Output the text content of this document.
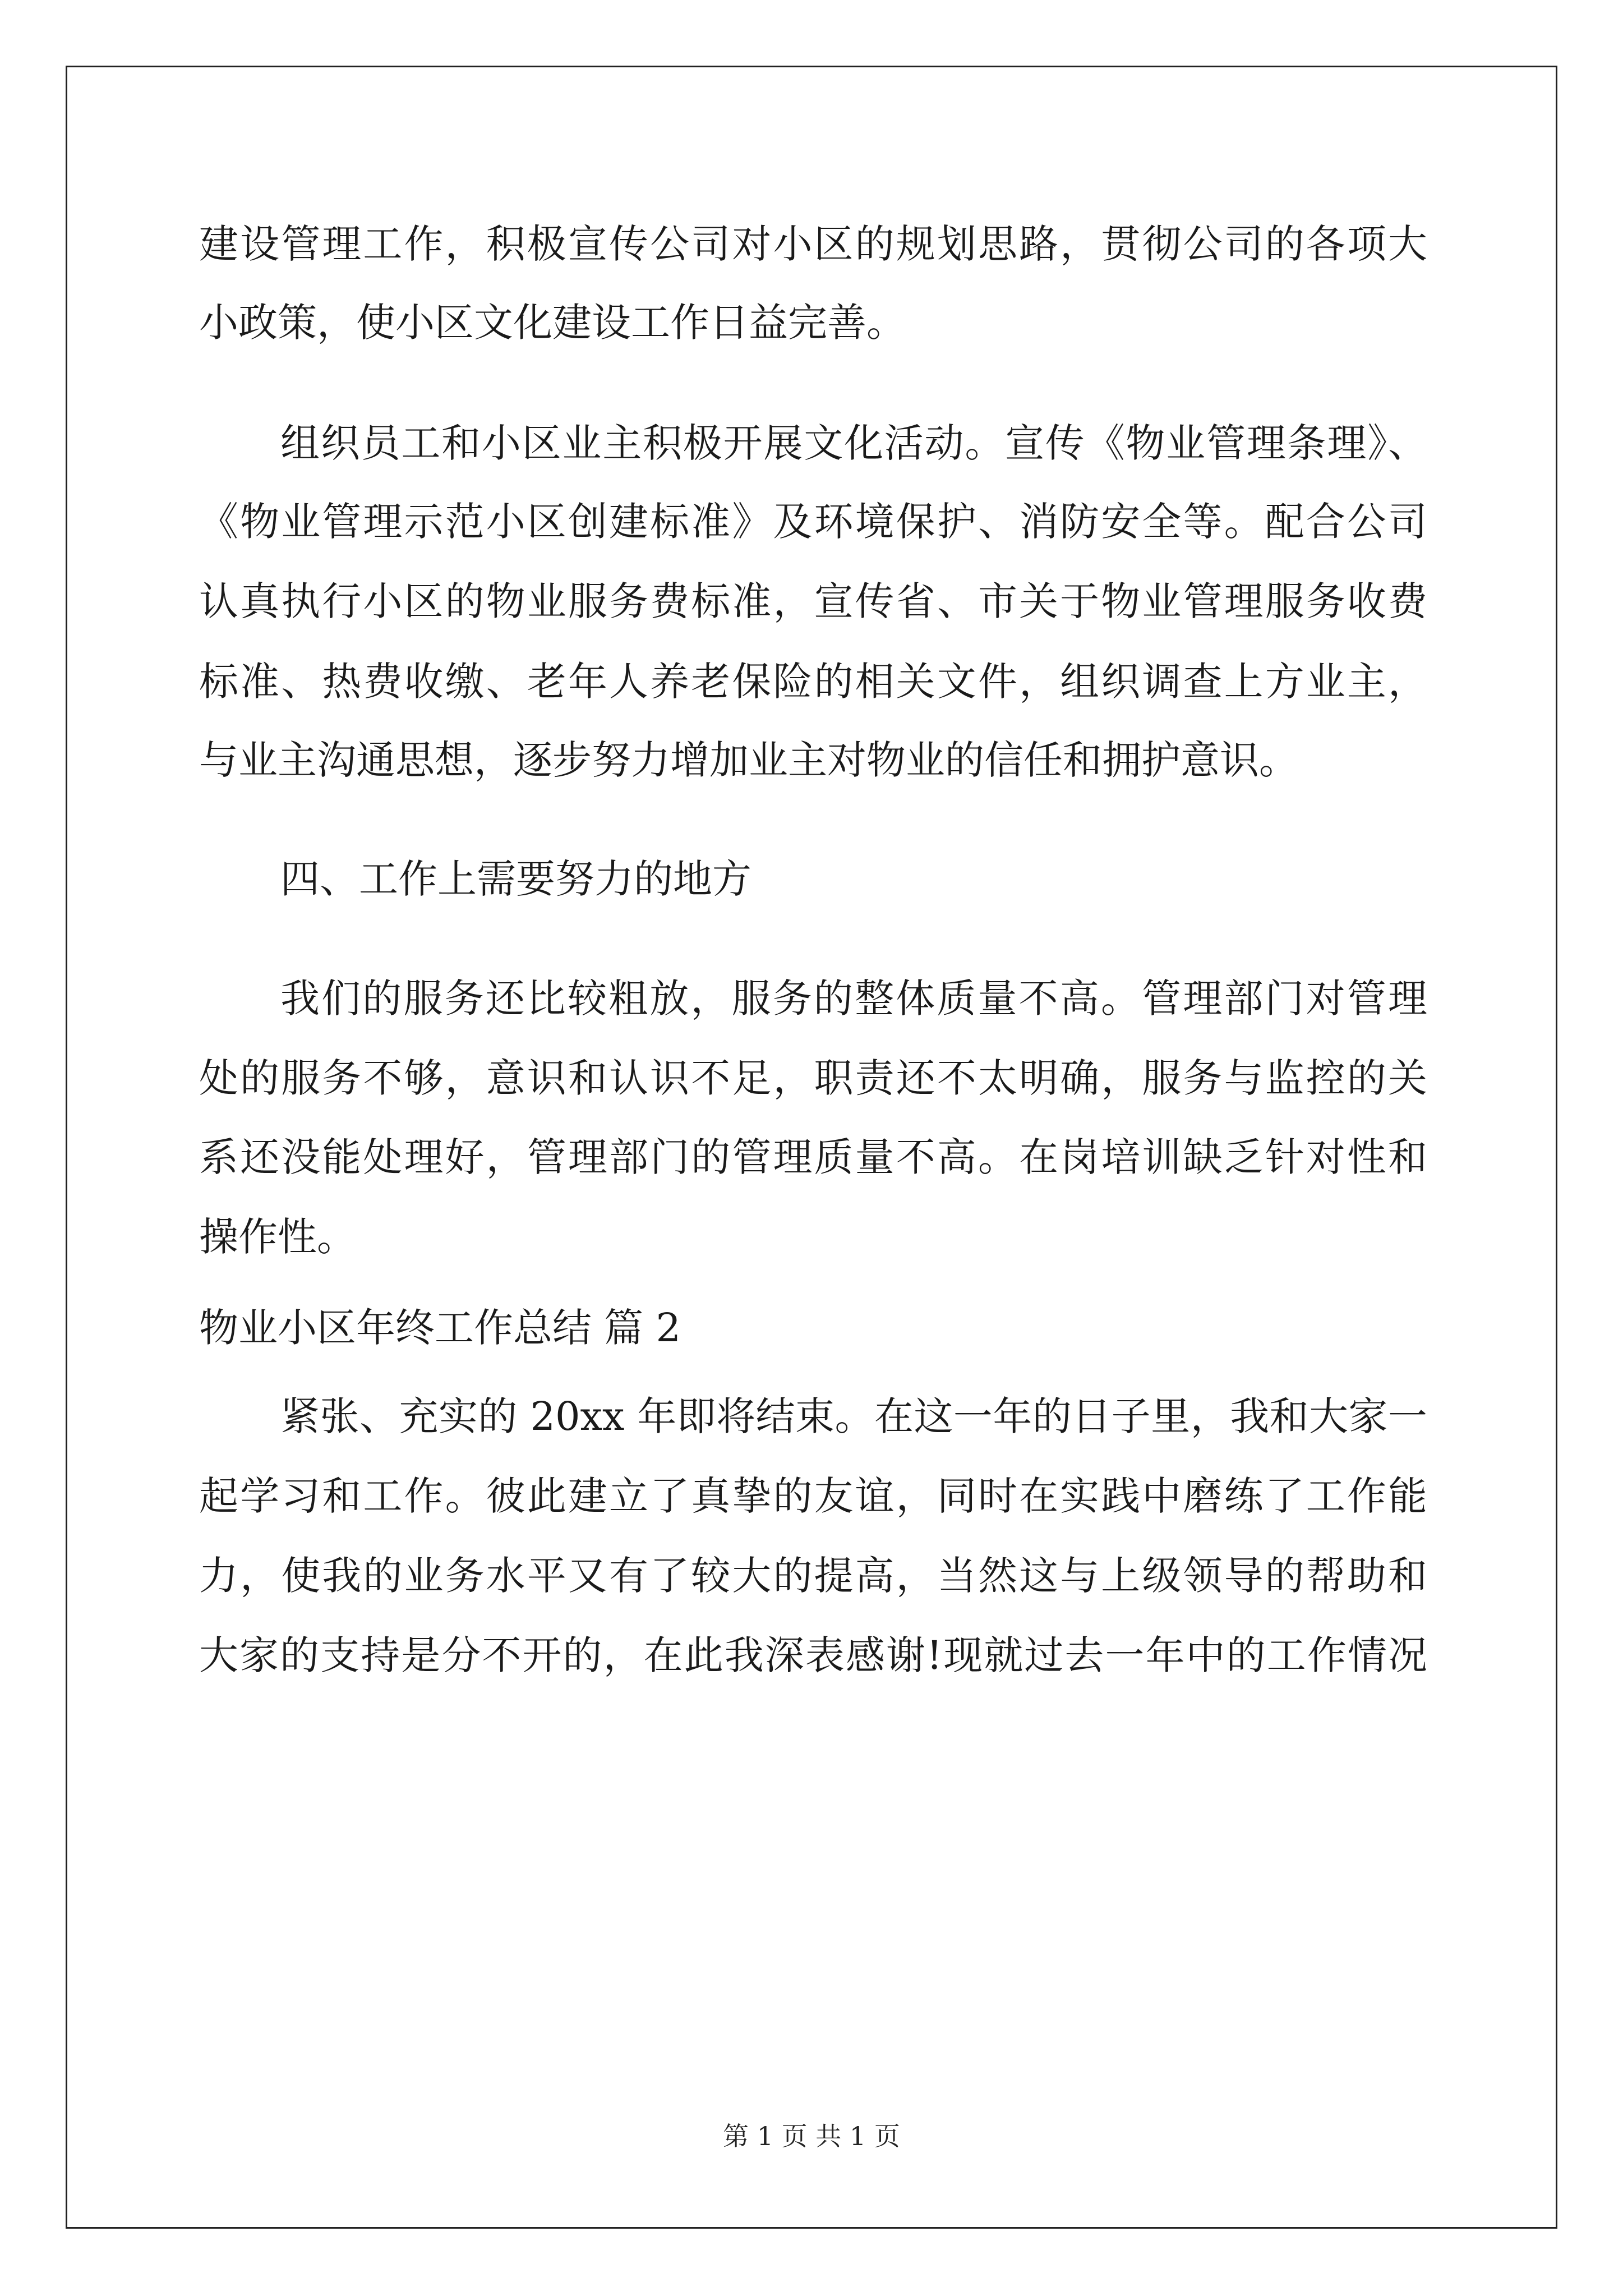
建设管理工作，积极宣传公司对小区的规划思路，贯彻公司的各项大
小政策，使小区文化建设工作日益完善。
组织员工和小区业主积极开展文化活动。宣传《物业管理条理》、
《物业管理示范小区创建标准》及环境保护、消防安全等。配合公司
认真执行小区的物业服务费标准，宣传省、市关于物业管理服务收费
标准、热费收缴、老年人养老保险的相关文件，组织调查上方业主，
与业主沟通思想，逐步努力增加业主对物业的信任和拥护意识。
四、工作上需要努力的地方
我们的服务还比较粗放，服务的整体质量不高。管理部门对管理
处的服务不够，意识和认识不足，职责还不太明确，服务与监控的关
系还没能处理好，管理部门的管理质量不高。在岗培训缺乏针对性和
操作性。
物业小区年终工作总结 篇 2
紧张、充实的 20xx 年即将结束。在这一年的日子里，我和大家一
起学习和工作。彼此建立了真挚的友谊，同时在实践中磨练了工作能
力，使我的业务水平又有了较大的提高，当然这与上级领导的帮助和
大家的支持是分不开的，在此我深表感谢!现就过去一年中的工作情况
第 1 页 共 1 页
